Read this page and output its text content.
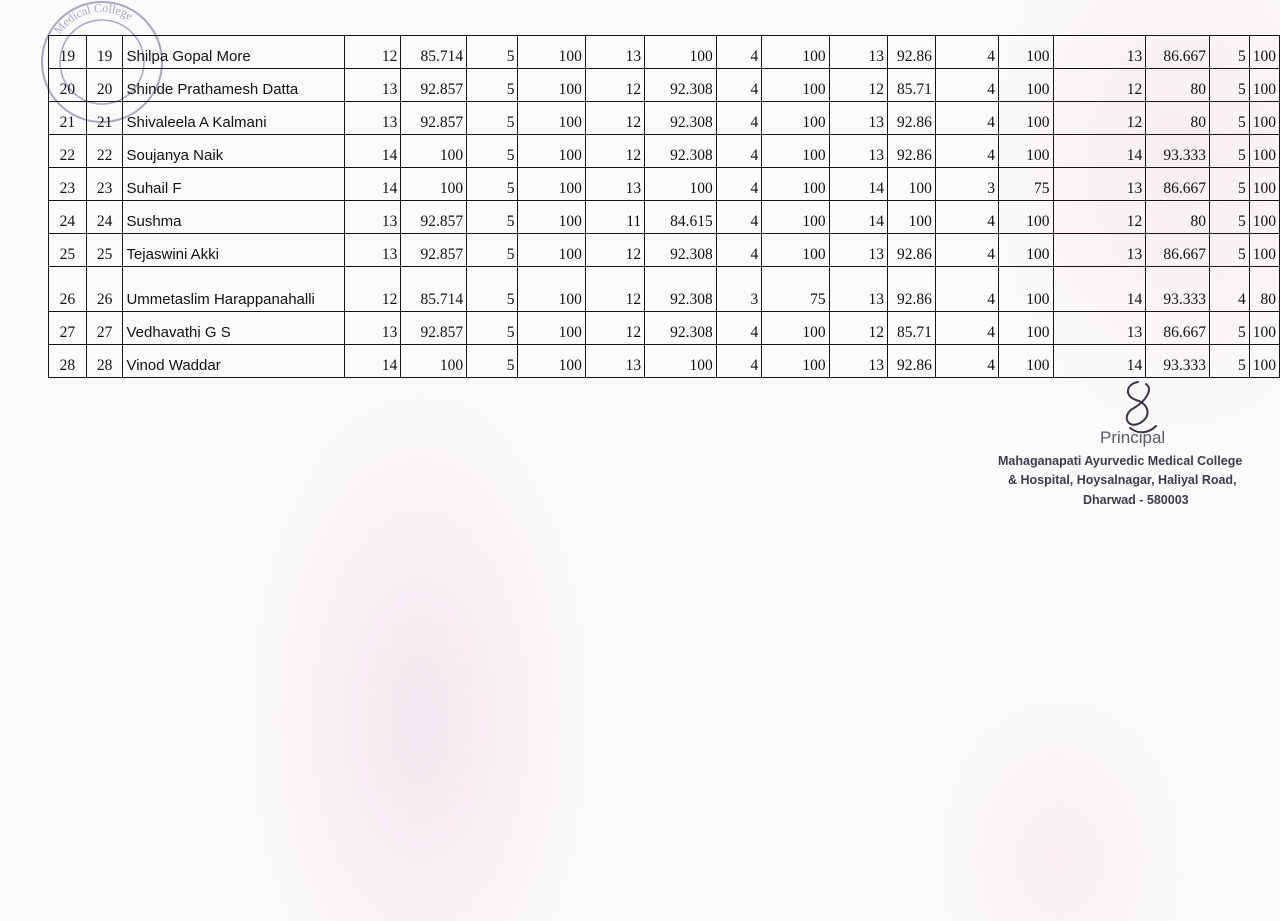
Medical College
19	19	Shilpa Gopal More	12	85.714	5	100	13	100	4	100	13	92.86	4	100	13	86.667	5	100
20	20	Shinde Prathamesh Datta	13	92.857	5	100	12	92.308	4	100	12	85.71	4	100	12	80	5	100
21	21	Shivaleela A Kalmani	13	92.857	5	100	12	92.308	4	100	13	92.86	4	100	12	80	5	100
22	22	Soujanya Naik	14	100	5	100	12	92.308	4	100	13	92.86	4	100	14	93.333	5	100
23	23	Suhail F	14	100	5	100	13	100	4	100	14	100	3	75	13	86.667	5	100
24	24	Sushma	13	92.857	5	100	11	84.615	4	100	14	100	4	100	12	80	5	100
25	25	Tejaswini Akki	13	92.857	5	100	12	92.308	4	100	13	92.86	4	100	13	86.667	5	100
26	26	Ummetaslim Harappanahalli	12	85.714	5	100	12	92.308	3	75	13	92.86	4	100	14	93.333	4	80
27	27	Vedhavathi G S	13	92.857	5	100	12	92.308	4	100	12	85.71	4	100	13	86.667	5	100
28	28	Vinod Waddar	14	100	5	100	13	100	4	100	13	92.86	4	100	14	93.333	5	100
Principal
Mahaganapati Ayurvedic Medical College
& Hospital, Hoysalnagar, Haliyal Road,
Dharwad - 580003
